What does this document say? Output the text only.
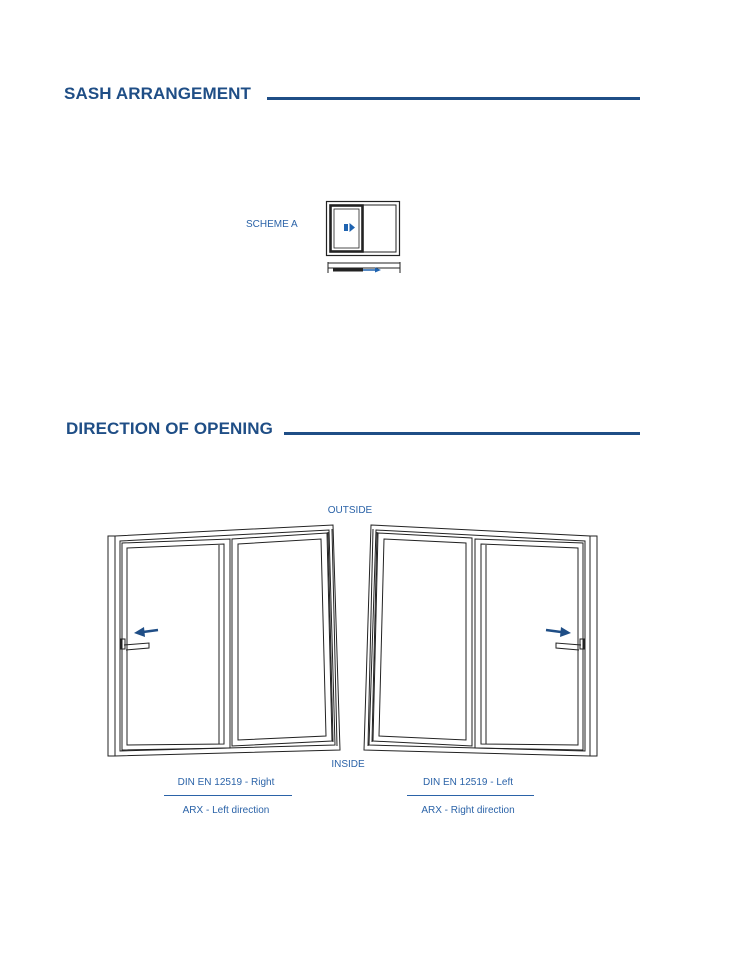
SASH ARRANGEMENT
SCHEME A
DIRECTION OF OPENING
OUTSIDE
INSIDE
DIN EN 12519 - Right
ARX - Left direction
DIN EN 12519 - Left
ARX - Right direction
